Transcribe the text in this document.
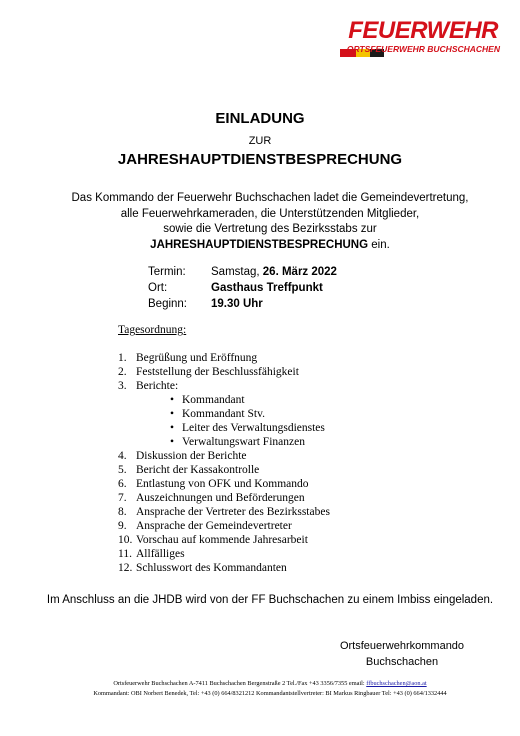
FEUERWEHR
ORTSFEUERWEHR BUCHSCHACHEN
EINLADUNG
ZUR
JAHRESHAUPTDIENSTBESPRECHUNG
Das Kommando der Feuerwehr Buchschachen ladet die Gemeindevertretung,
alle Feuerwehrkameraden, die Unterstützenden Mitglieder,
sowie die Vertretung des Bezirksstabs zur
JAHRESHAUPTDIENSTBESPRECHUNG ein.
Termin: Samstag, 26. März 2022
Ort:	Gasthaus Treffpunkt
Beginn: 19.30 Uhr
Tagesordnung:
1. Begrüßung und Eröffnung
2. Feststellung der Beschlussfähigkeit
3. Berichte:
• Kommandant
• Kommandant Stv.
• Leiter des Verwaltungsdienstes
• Verwaltungswart Finanzen
4. Diskussion der Berichte
5. Bericht der Kassakontrolle
6. Entlastung von OFK und Kommando
7. Auszeichnungen und Beförderungen
8. Ansprache der Vertreter des Bezirksstabes
9. Ansprache der Gemeindevertreter
10. Vorschau auf kommende Jahresarbeit
11. Allfälliges
12. Schlusswort des Kommandanten
Im Anschluss an die JHDB wird von der FF Buchschachen zu einem Imbiss eingeladen.
Ortsfeuerwehrkommando
Buchschachen
Ortsfeuerwehr Buchschachen A-7411 Buchschachen Bergenstraße 2 Tel./Fax +43 3356/7355 email: ffbuchschachen@aon.at
Kommandant: OBI Norbert Benedek, Tel: +43 (0) 664/8321212 Kommandantstellvertreter: BI Markus Ringbauer Tel: +43 (0) 664/1332444
